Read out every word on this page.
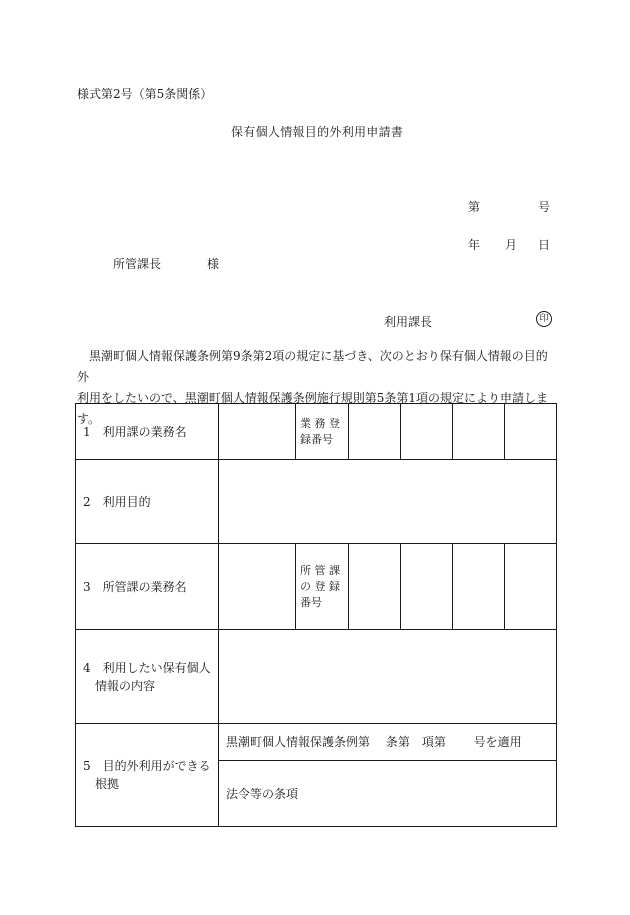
様式第2号（第5条関係）
保有個人情報目的外利用申請書
第	号
年 月 日
所管課長	様
利用課長	印

黒潮町個人情報保護条例第9条第2項の規定に基づき、次のとおり保有個人情報の目的外

利用をしたいので、黒潮町個人情報保護条例施行規則第5条第1項の規定により申請します。

1　利用課の業務名		業 務 登
録番号				
2　利用目的						
3　所管課の業務名		所 管 課
の 登 録
番号				

4　利用したい保有個人
情報の内容						

5　目的外利用ができる
根拠	黒潮町個人情報保護条例第　 条第　項第　　 号を適用					
	法令等の条項					
